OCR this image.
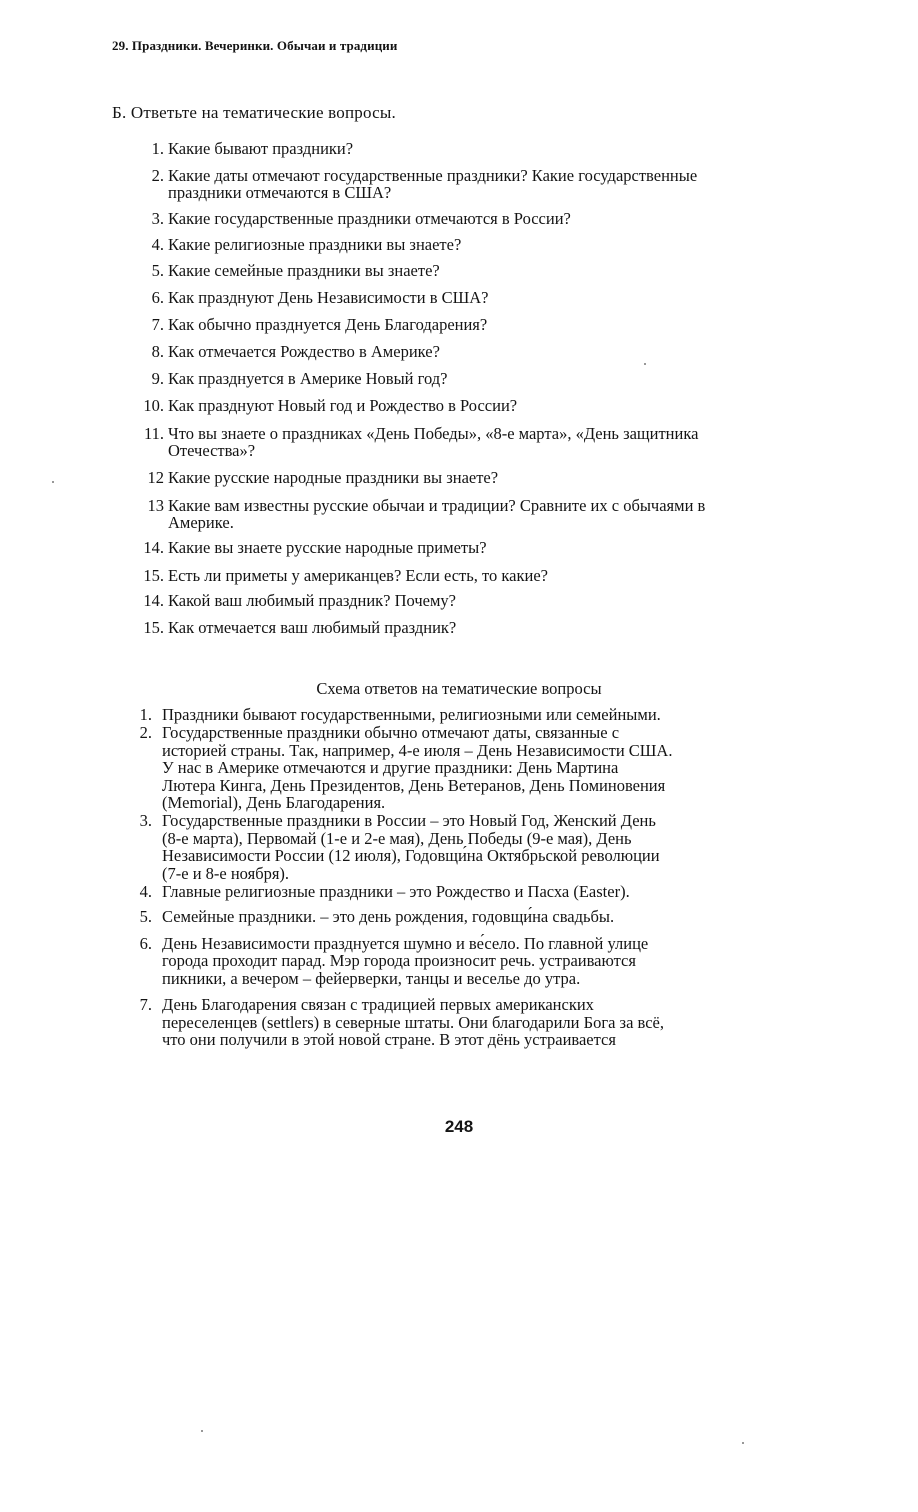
29. Праздники. Вечеринки. Обычаи и традиции
Б. Ответьте на тематические вопросы.
1. Какие бывают праздники?
2. Какие даты отмечают государственные праздники? Какие государственные праздники отмечаются в США?
3. Какие государственные праздники отмечаются в России?
4. Какие религиозные праздники вы знаете?
5. Какие семейные праздники вы знаете?
6. Как празднуют День Независимости в США?
7. Как обычно празднуется День Благодарения?
8. Как отмечается Рождество в Америке?
9. Как празднуется в Америке Новый год?
10. Как празднуют Новый год и Рождество в России?
11. Что вы знаете о праздниках «День Победы», «8-е марта», «День защитника Отечества»?
12 Какие русские народные праздники вы знаете?
13 Какие вам известны русские обычаи и традиции? Сравните их с обычаями в Америке.
14. Какие вы знаете русские народные приметы?
15. Есть ли приметы у американцев? Если есть, то какие?
14. Какой ваш любимый праздник? Почему?
15. Как отмечается ваш любимый праздник?
Схема ответов на тематические вопросы
1. Праздники бывают государственными, религиозными или семейными.
2. Государственные праздники обычно отмечают даты, связанные с
историей страны. Так, например, 4-е июля – День Независимости США.
У нас в Америке отмечаются и другие праздники: День Мартина
Лютера Кинга, День Президентов, День Ветеранов, День Поминовения
(Memorial), День Благодарения.
3. Государственные праздники в России – это Новый Год, Женский День
(8-е марта), Первомай (1-е и 2-е мая), День Победы (9-е мая), День
Независимости России (12 июля), Годовщи́на Октябрьской революции
(7-е и 8-е ноября).
4. Главные религиозные праздники – это Рождество и Пасха (Easter).
5. Семейные праздники. – это день рождения, годовщи́на свадьбы.
6. День Независимости празднуется шумно и ве́село. По главной улице
города проходит парад. Мэр города произносит речь. устраиваются
пикники, а вечером – фейерверки, танцы и веселье до утра.
7. День Благодарения связан с традицией первых американских
переселенцев (settlers) в северные штаты. Они благодарили Бога за всё,
что они получили в этой новой стране. В этот дёнь устраивается
248
